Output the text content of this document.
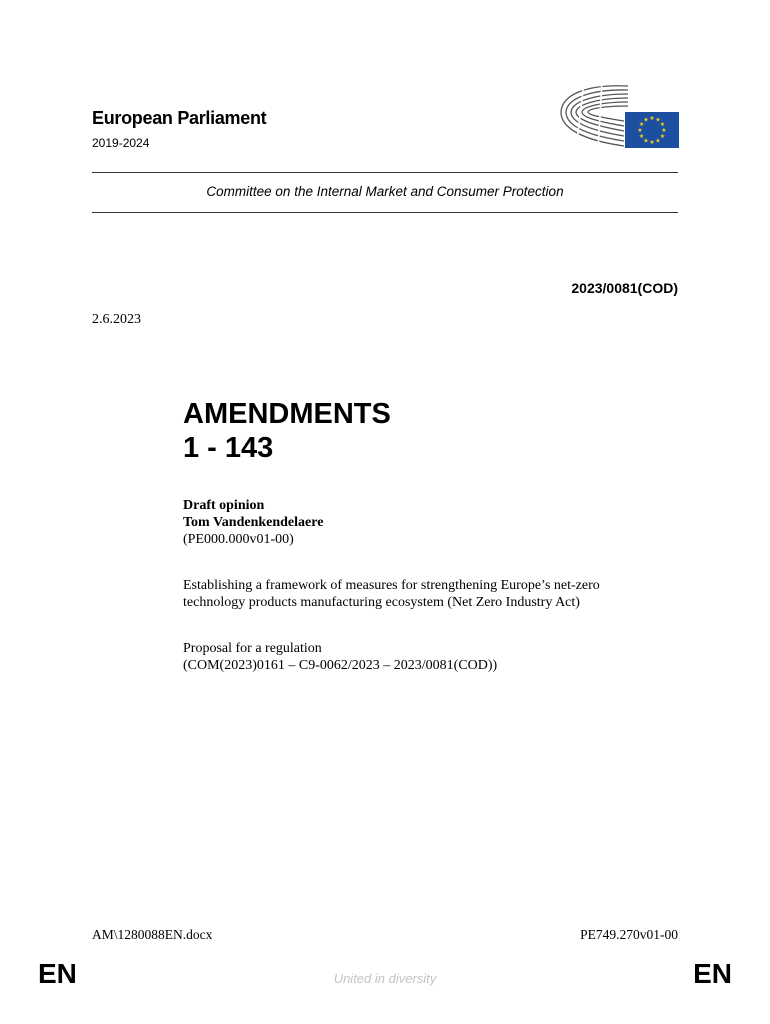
European Parliament
2019-2024
★ ★
★
★
★
★
★
★
★
★
★
★
Committee on the Internal Market and Consumer Protection
2023/0081(COD)
2.6.2023
AMENDMENTS
1 - 143
Draft opinion
Tom Vandenkendelaere
(PE000.000v01-00)
Establishing a framework of measures for strengthening Europe’s net-zero
technology products manufacturing ecosystem (Net Zero Industry Act)
Proposal for a regulation
(COM(2023)0161 – C9-0062/2023 – 2023/0081(COD))
AM\1280088EN.docx	PE749.270v01-00
EN	United in diversity	EN
